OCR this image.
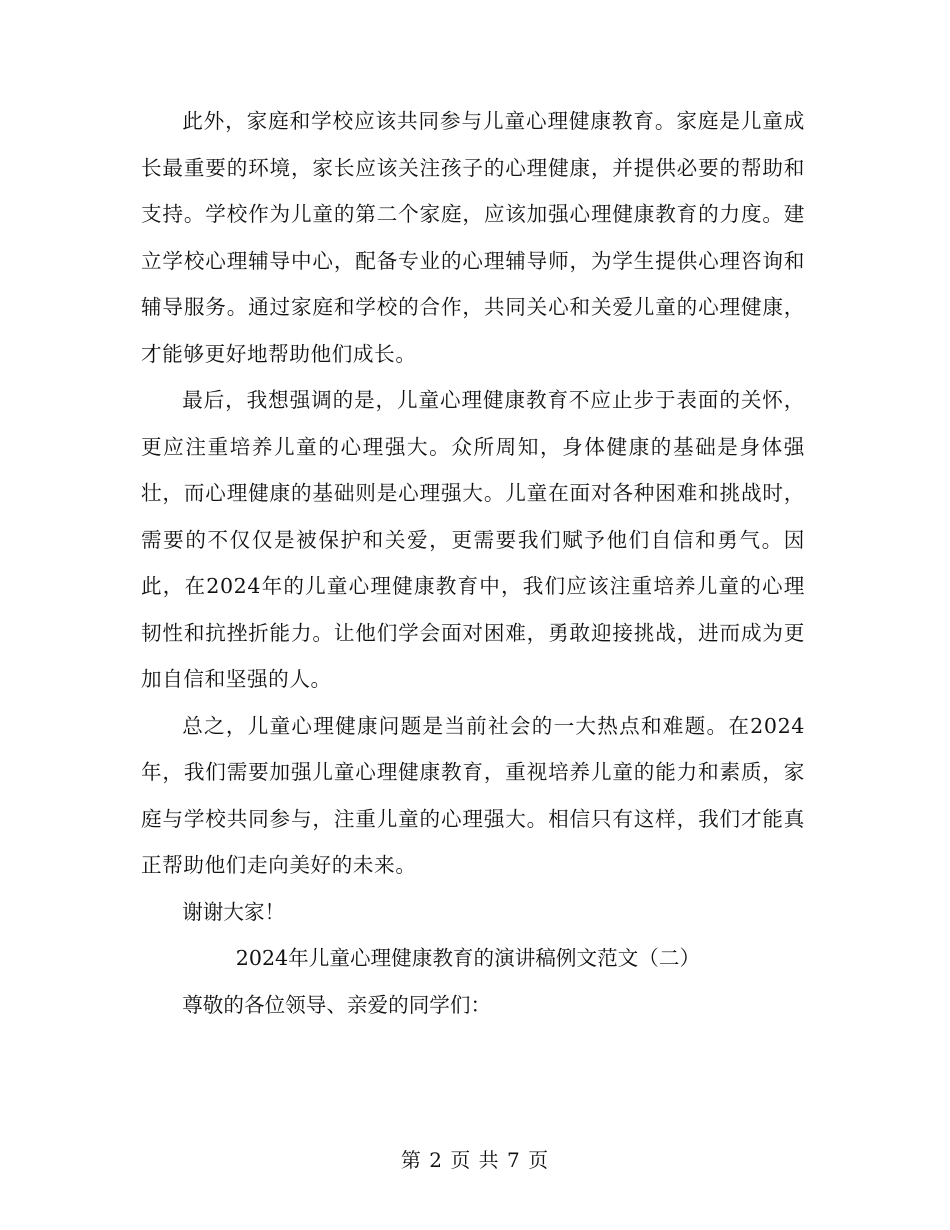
此外，家庭和学校应该共同参与儿童心理健康教育。家庭是儿童成长最重要的环境，家长应该关注孩子的心理健康，并提供必要的帮助和支持。学校作为儿童的第二个家庭，应该加强心理健康教育的力度。建立学校心理辅导中心，配备专业的心理辅导师，为学生提供心理咨询和辅导服务。通过家庭和学校的合作，共同关心和关爱儿童的心理健康，才能够更好地帮助他们成长。

最后，我想强调的是，儿童心理健康教育不应止步于表面的关怀，更应注重培养儿童的心理强大。众所周知，身体健康的基础是身体强壮，而心理健康的基础则是心理强大。儿童在面对各种困难和挑战时，需要的不仅仅是被保护和关爱，更需要我们赋予他们自信和勇气。因此，在2024年的儿童心理健康教育中，我们应该注重培养儿童的心理韧性和抗挫折能力。让他们学会面对困难，勇敢迎接挑战，进而成为更加自信和坚强的人。

总之，儿童心理健康问题是当前社会的一大热点和难题。在2024年，我们需要加强儿童心理健康教育，重视培养儿童的能力和素质，家庭与学校共同参与，注重儿童的心理强大。相信只有这样，我们才能真正帮助他们走向美好的未来。

谢谢大家！

2024年儿童心理健康教育的演讲稿例文范文（二）

尊敬的各位领导、亲爱的同学们：

第 2 页 共 7 页
